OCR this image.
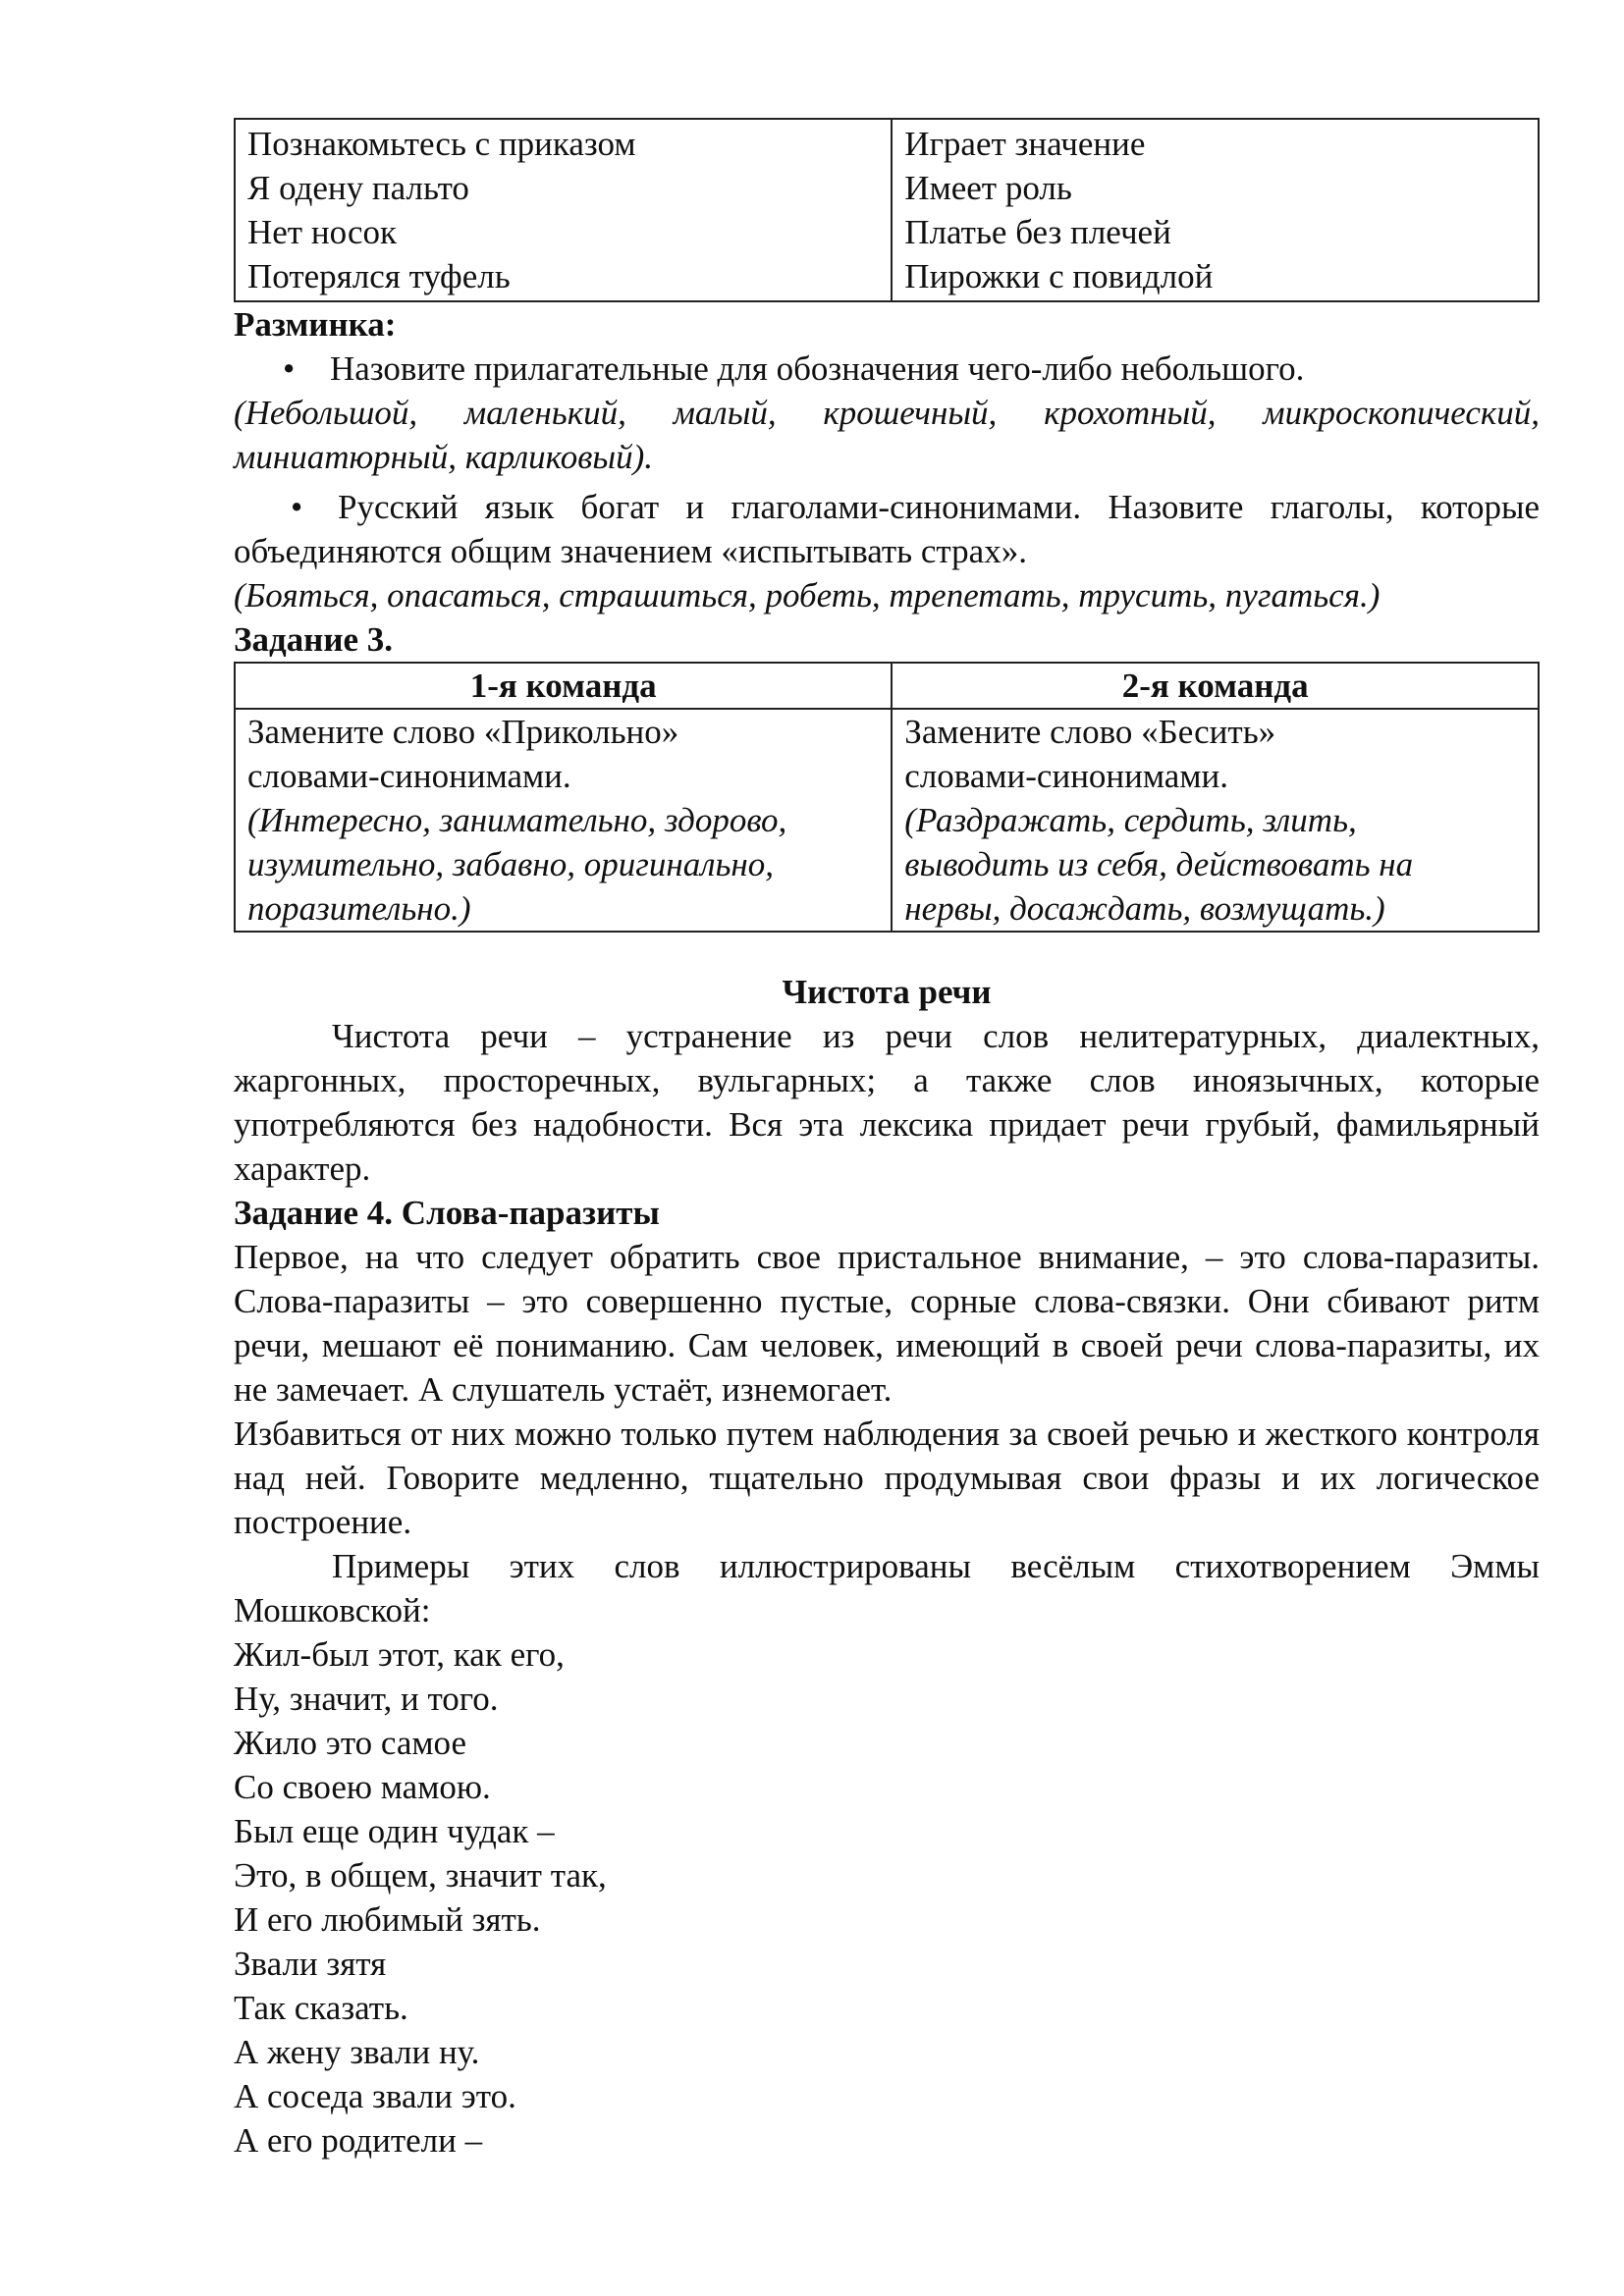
Познакомьтесь с приказом
Я одену пальто
Нет носок
Потерялся туфель

Играет значение
Имеет роль
Платье без плечей
Пирожки с повидлой

Разминка:

• Назовите прилагательные для обозначения чего-либо небольшого.

(Небольшой, маленький, малый, крошечный, крохотный, микроскопический, миниатюрный, карликовый).

• Русский язык богат и глаголами-синонимами. Назовите глаголы, которые объединяются общим значением «испытывать страх».

(Бояться, опасаться, страшиться, робеть, трепетать, трусить, пугаться.)

Задание 3.

1-я команда	2-я команда

Замените слово «Прикольно»
словами-синонимами.
(Интересно, занимательно, здорово,
изумительно, забавно, оригинально,
поразительно.)	Замените слово «Бесить»
словами-синонимами.
(Раздражать, сердить, злить,
выводить из себя, действовать на
нервы, досаждать, возмущать.)

Чистота речи

Чистота речи – устранение из речи слов нелитературных, диалектных, жаргонных, просторечных, вульгарных; а также слов иноязычных, которые употребляются без надобности. Вся эта лексика придает речи грубый, фамильярный характер.

Задание 4. Слова-паразиты

Первое, на что следует обратить свое пристальное внимание, – это слова-паразиты. Слова-паразиты – это совершенно пустые, сорные слова-связки. Они сбивают ритм речи, мешают её пониманию. Сам человек, имеющий в своей речи слова-паразиты, их не замечает. А слушатель устаёт, изнемогает.

Избавиться от них можно только путем наблюдения за своей речью и жесткого контроля над ней. Говорите медленно, тщательно продумывая свои фразы и их логическое построение.

Примеры этих слов иллюстрированы весёлым стихотворением Эммы Мошковской:

Жил-был этот, как его,
Ну, значит, и того.
Жило это самое
Со своею мамою.
Был еще один чудак –
Это, в общем, значит так,
И его любимый зять.
Звали зятя
Так сказать.
А жену звали ну.
А соседа звали это.
А его родители –
